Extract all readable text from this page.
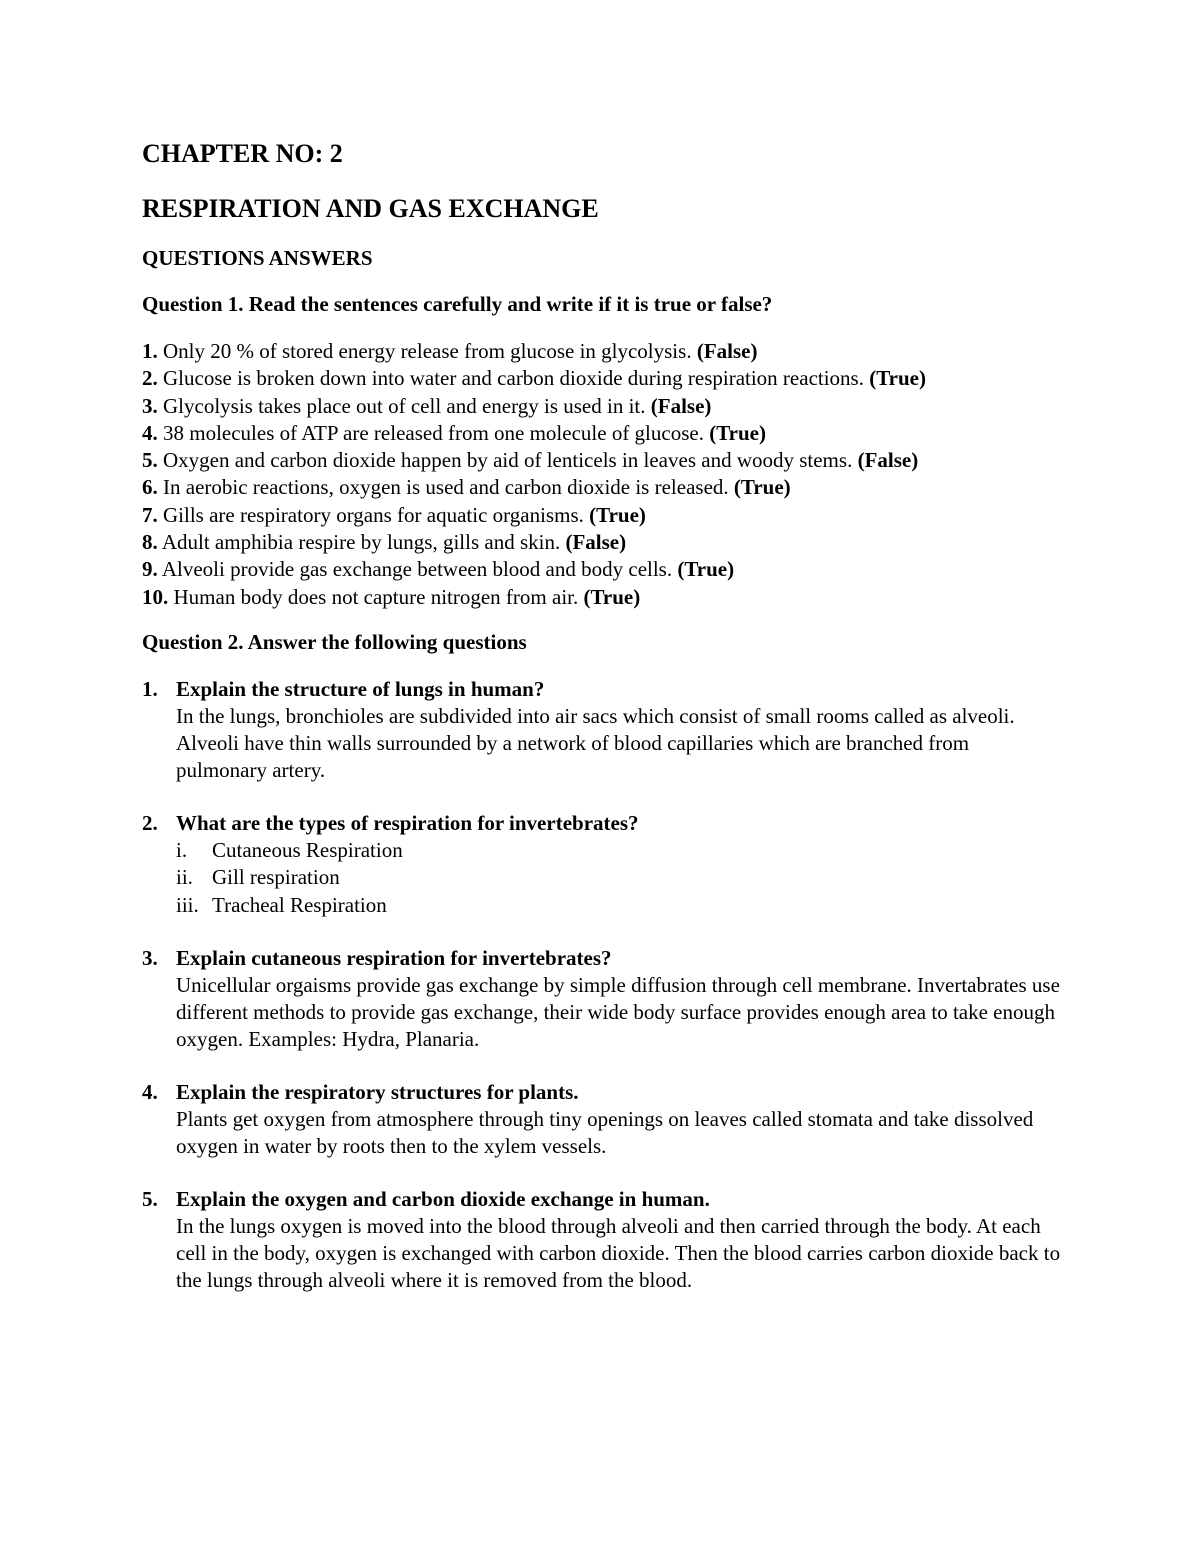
CHAPTER NO: 2
RESPIRATION AND GAS EXCHANGE
QUESTIONS ANSWERS
Question 1. Read the sentences carefully and write if it is true or false?
1. Only 20 % of stored energy release from glucose in glycolysis. (False)
2. Glucose is broken down into water and carbon dioxide during respiration reactions. (True)
3. Glycolysis takes place out of cell and energy is used in it. (False)
4. 38 molecules of ATP are released from one molecule of glucose. (True)
5. Oxygen and carbon dioxide happen by aid of lenticels in leaves and woody stems. (False)
6. In aerobic reactions, oxygen is used and carbon dioxide is released. (True)
7. Gills are respiratory organs for aquatic organisms. (True)
8. Adult amphibia respire by lungs, gills and skin. (False)
9. Alveoli provide gas exchange between blood and body cells. (True)
10. Human body does not capture nitrogen from air. (True)
Question 2. Answer the following questions
1. Explain the structure of lungs in human?
In the lungs, bronchioles are subdivided into air sacs which consist of small rooms called as alveoli. Alveoli have thin walls surrounded by a network of blood capillaries which are branched from pulmonary artery.
2. What are the types of respiration for invertebrates?
i.	Cutaneous Respiration
ii. Gill respiration
iii. Tracheal Respiration
3. Explain cutaneous respiration for invertebrates?
Unicellular orgaisms provide gas exchange by simple diffusion through cell membrane. Invertabrates use different methods to provide gas exchange, their wide body surface provides enough area to take enough oxygen. Examples: Hydra, Planaria.
4. Explain the respiratory structures for plants.
Plants get oxygen from atmosphere through tiny openings on leaves called stomata and take dissolved oxygen in water by roots then to the xylem vessels.
5. Explain the oxygen and carbon dioxide exchange in human.
In the lungs oxygen is moved into the blood through alveoli and then carried through the body. At each cell in the body, oxygen is exchanged with carbon dioxide. Then the blood carries carbon dioxide back to the lungs through alveoli where it is removed from the blood.
